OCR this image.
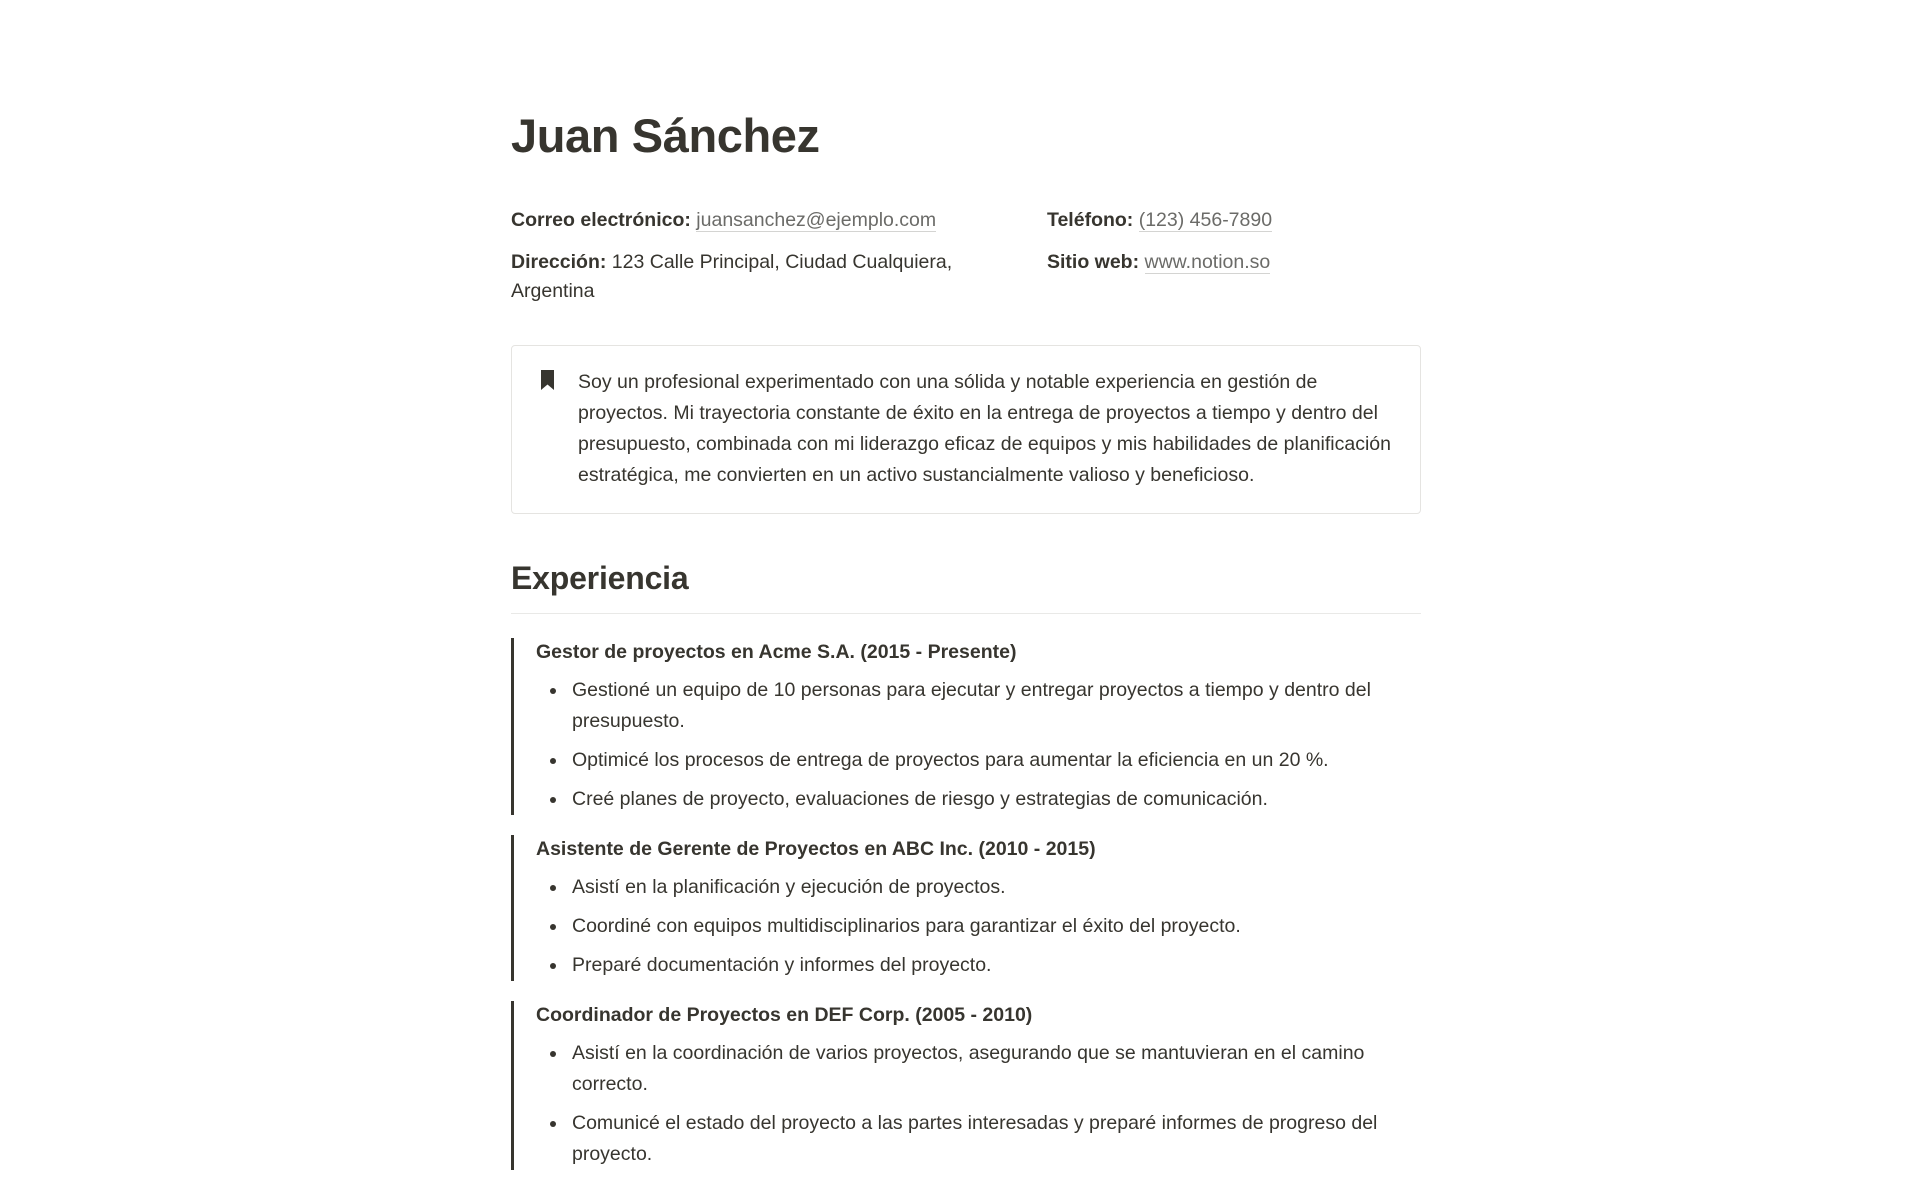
Juan Sánchez
Correo electrónico: juansanchez@ejemplo.com
Dirección: 123 Calle Principal, Ciudad Cualquiera, Argentina
Teléfono: (123) 456-7890
Sitio web: www.notion.so
Soy un profesional experimentado con una sólida y notable experiencia en gestión de proyectos. Mi trayectoria constante de éxito en la entrega de proyectos a tiempo y dentro del presupuesto, combinada con mi liderazgo eficaz de equipos y mis habilidades de planificación estratégica, me convierten en un activo sustancialmente valioso y beneficioso.
Experiencia
Gestor de proyectos en Acme S.A. (2015 - Presente)
Gestioné un equipo de 10 personas para ejecutar y entregar proyectos a tiempo y dentro del presupuesto.
Optimicé los procesos de entrega de proyectos para aumentar la eficiencia en un 20 %.
Creé planes de proyecto, evaluaciones de riesgo y estrategias de comunicación.
Asistente de Gerente de Proyectos en ABC Inc. (2010 - 2015)
Asistí en la planificación y ejecución de proyectos.
Coordiné con equipos multidisciplinarios para garantizar el éxito del proyecto.
Preparé documentación y informes del proyecto.
Coordinador de Proyectos en DEF Corp. (2005 - 2010)
Asistí en la coordinación de varios proyectos, asegurando que se mantuvieran en el camino correcto.
Comunicé el estado del proyecto a las partes interesadas y preparé informes de progreso del proyecto.
